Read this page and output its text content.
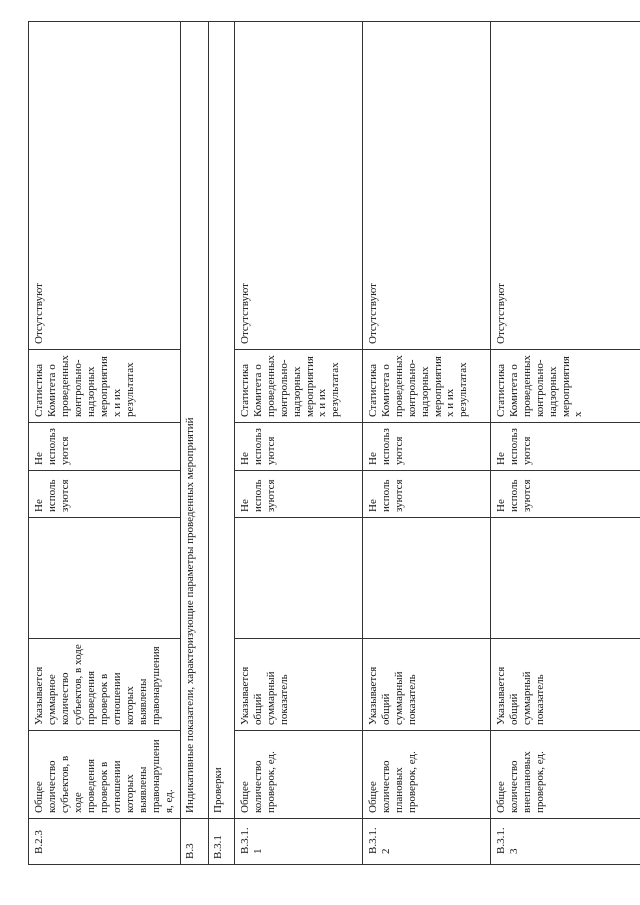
В.2.3	Общее количество субъектов, в ходе проведения проверок в отношении которых выявлены правонарушения, ед.	Указывается суммарное количество субъектов, в ходе проведения проверок в отношении которых выявлены правонарушения		Не используются	Не используются	Статистика Комитета о проведенных контрольно-надзорных мероприятиях и их результатах	Отсутствуют
В.3	Индикативные показатели, характеризующие параметры проведенных мероприятий						
В.3.1	Проверки						
В.3.1.1	Общее количество проверок, ед.	Указывается общий суммарный показатель		Не используются	Не используются	Статистика Комитета о проведенных контрольно-надзорных мероприятиях и их результатах	Отсутствуют
В.3.1.2	Общее количество плановых проверок, ед.	Указывается общий суммарный показатель		Не используются	Не используются	Статистика Комитета о проведенных контрольно-надзорных мероприятиях и их результатах	Отсутствуют
В.3.1.3	Общее количество внеплановых проверок, ед.	Указывается общий суммарный показатель		Не используются	Не используются	Статистика Комитета о проведенных контрольно-надзорных мероприятиях	Отсутствуют
